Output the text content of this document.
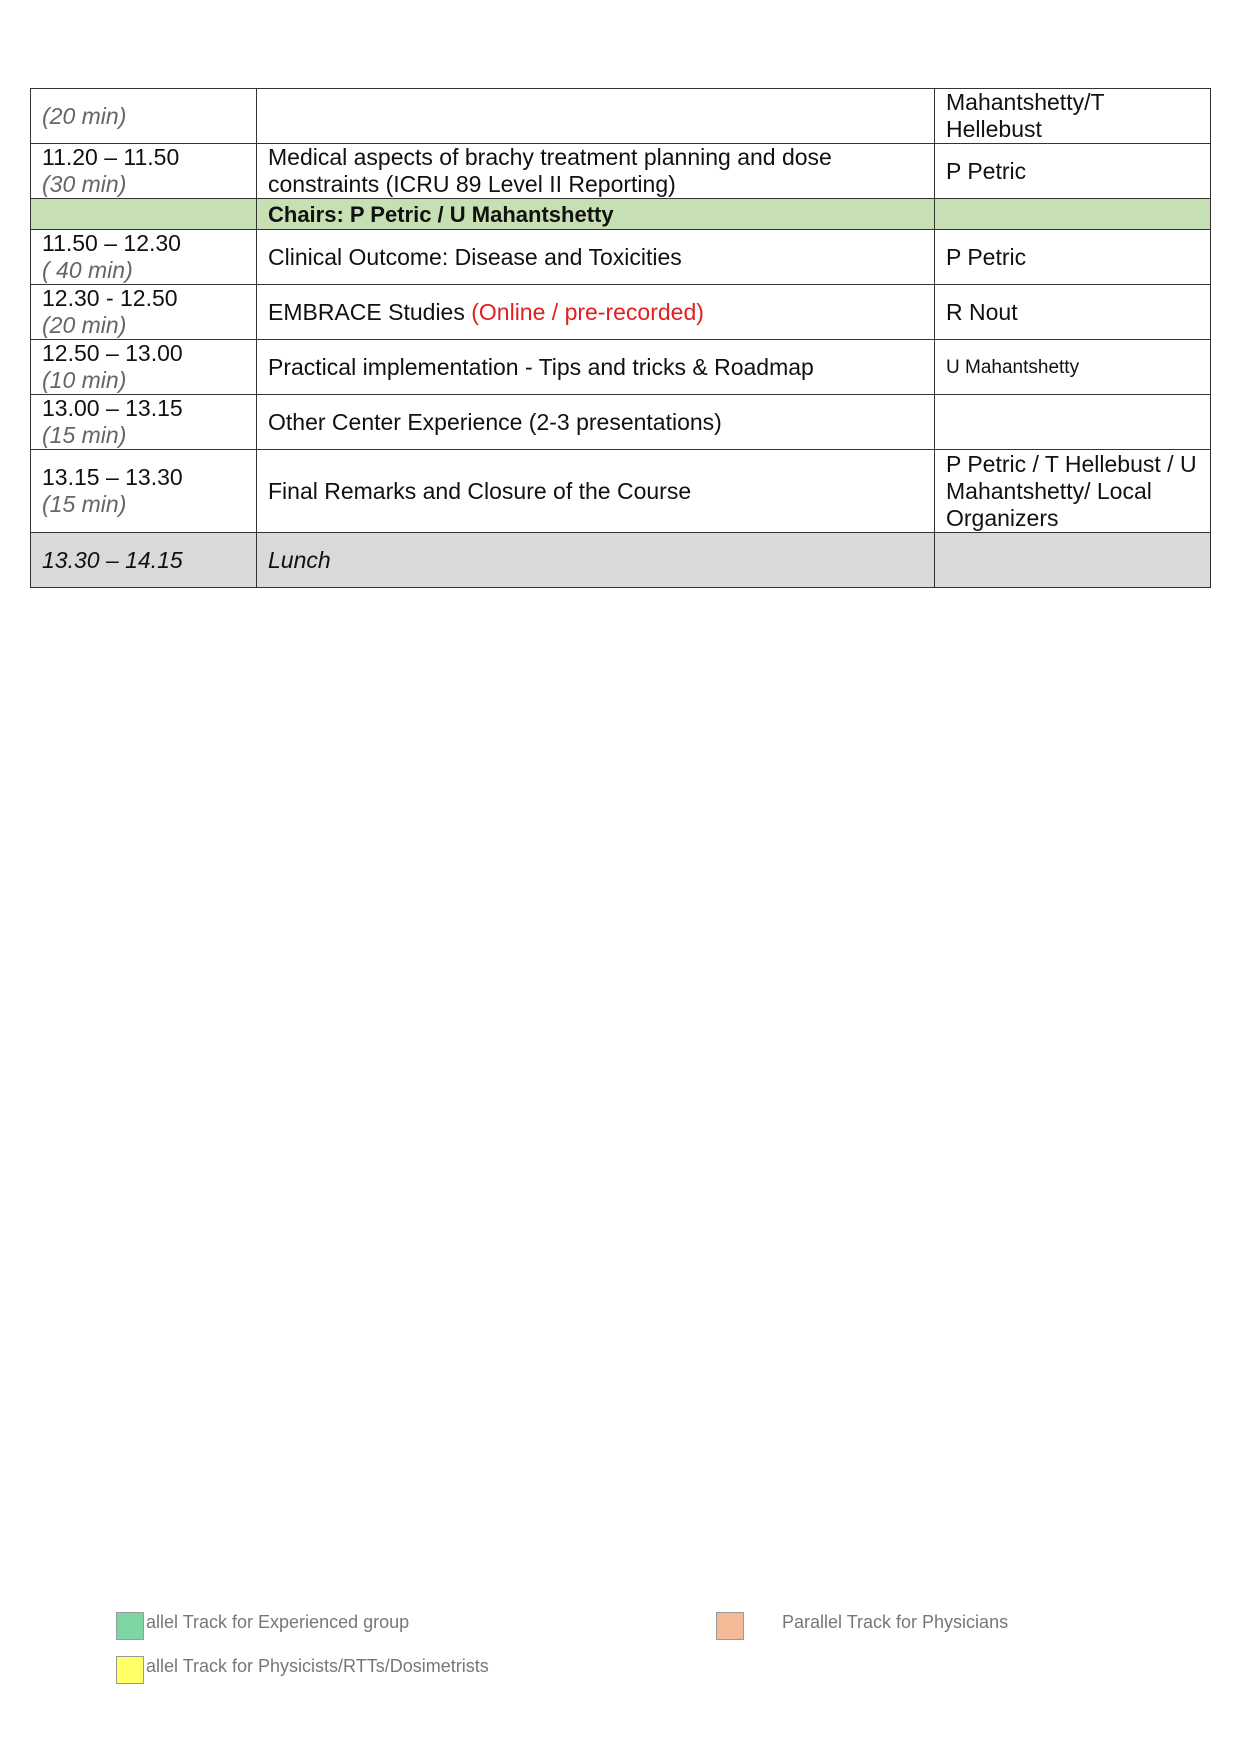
(20 min)		Mahantshetty/T Hellebust

11.20 – 11.50
(30 min)	Medical aspects of brachy treatment planning and dose constraints (ICRU 89 Level II Reporting)	P Petric
	Chairs: P Petric / U Mahantshetty	

11.50 – 12.30
( 40 min)	Clinical Outcome: Disease and Toxicities	P Petric

12.30 - 12.50
(20 min)	EMBRACE Studies (Online / pre-recorded)	R Nout

12.50 – 13.00
(10 min)	Practical implementation - Tips and tricks & Roadmap	U Mahantshetty

13.00 – 13.15
(15 min)	Other Center Experience (2-3 presentations)	

13.15 – 13.30
(15 min)	Final Remarks and Closure of the Course	P Petric / T Hellebust / U Mahantshetty/ Local Organizers
13.30 – 14.15	Lunch	
allel Track for Experienced group	Parallel Track for Physicians
allel Track for Physicists/RTTs/Dosimetrists
